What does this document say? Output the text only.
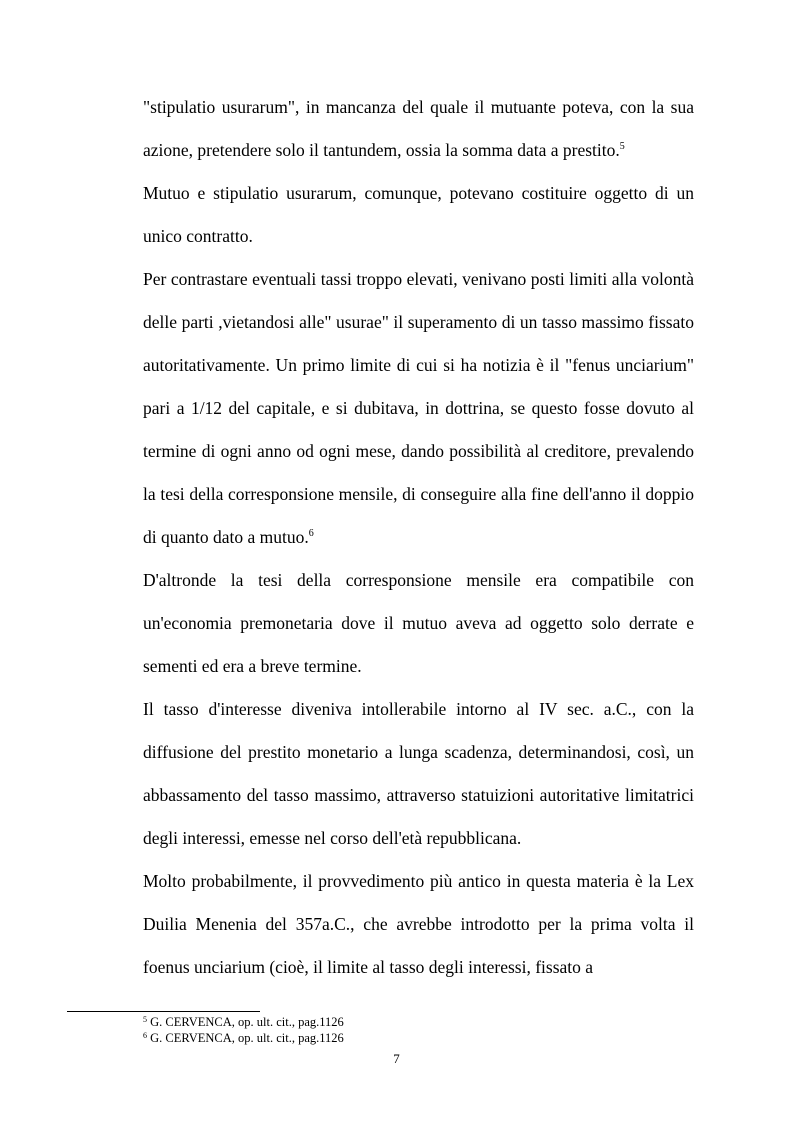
"stipulatio usurarum", in mancanza del quale il mutuante poteva, con la sua azione, pretendere solo il tantundem, ossia la somma data a prestito.$^5$

Mutuo e stipulatio usurarum, comunque, potevano costituire oggetto di un unico contratto.

Per contrastare eventuali tassi troppo elevati, venivano posti limiti alla volontà delle parti ,vietandosi alle" usurae" il superamento di un tasso massimo fissato autoritativamente. Un primo limite di cui si ha notizia è il "fenus unciarium" pari a 1/12 del capitale, e si dubitava, in dottrina, se questo fosse dovuto al termine di ogni anno od ogni mese, dando possibilità al creditore, prevalendo la tesi della corresponsione mensile, di conseguire alla fine dell'anno il doppio di quanto dato a mutuo.$^6$

D'altronde la tesi della corresponsione mensile era compatibile con un'economia premonetaria dove il mutuo aveva ad oggetto solo derrate e sementi ed era a breve termine.

Il tasso d'interesse diveniva intollerabile intorno al IV sec. a.C., con la diffusione del prestito monetario a lunga scadenza, determinandosi, così, un abbassamento del tasso massimo, attraverso statuizioni autoritative limitatrici degli interessi, emesse nel corso dell'età repubblicana.

Molto probabilmente, il provvedimento più antico in questa materia è la Lex Duilia Menenia del 357a.C., che avrebbe introdotto per la prima volta il foenus unciarium (cioè, il limite al tasso degli interessi, fissato a

$^5$ G. CERVENCA, op. ult. cit., pag.1126

$^6$ G. CERVENCA, op. ult. cit., pag.1126

7
